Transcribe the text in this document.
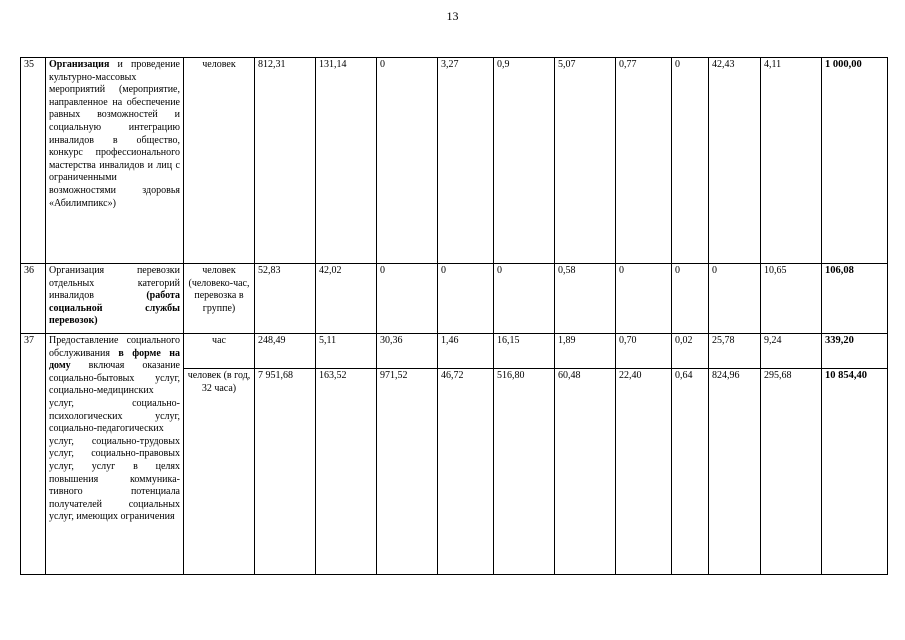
13
35	Организация и проведение культурно-массовых мероприятий (мероприятие, направленное на обеспечение равных возможностей и социальную интеграцию инвалидов в общество, конкурс профессионального мастерства инвалидов и лиц с ограниченными возможностями здоровья «Абилимпикс»)	человек	812,31	131,14	0	3,27	0,9	5,07	0,77	0	42,43	4,11	1 000,00
36	Организация перевозки отдельных категорий инвалидов (работа социальной службы перевозок)	человек (человеко-час, перевозка в группе)	52,83	42,02	0	0	0	0,58	0	0	0	10,65	106,08
37	Предоставление социального обслуживания в форме на дому включая оказание социально-бытовых услуг, социально-медицинских услуг, социально-психологических услуг, социально-педагогических услуг, социально-трудовых услуг, социально-правовых услуг, услуг в целях повышения коммуника-тивного потенциала получателей социальных услуг, имеющих ограничения	час	248,49	5,11	30,36	1,46	16,15	1,89	0,70	0,02	25,78	9,24	339,20
		человек (в год, 32 часа)	7 951,68	163,52	971,52	46,72	516,80	60,48	22,40	0,64	824,96	295,68	10 854,40
